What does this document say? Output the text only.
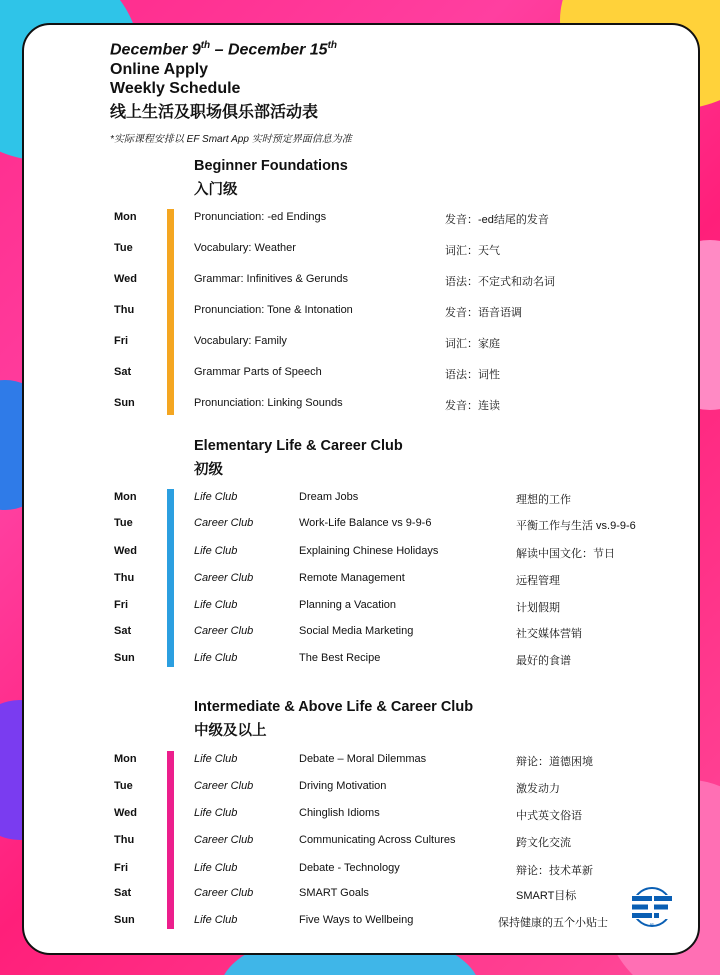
December 9th – December 15th
Online Apply
Weekly Schedule
线上生活及职场俱乐部活动表
*实际课程安排以 EF Smart App 实时预定界面信息为准
Beginner Foundations
入门级
Mon	Pronunciation: -ed Endings	发音：-ed结尾的发音
Tue	Vocabulary: Weather	词汇：天气
Wed	Grammar: Infinitives & Gerunds	语法：不定式和动名词
Thu	Pronunciation: Tone & Intonation	发音：语音语调
Fri	Vocabulary: Family	词汇：家庭
Sat	Grammar Parts of Speech	语法：词性
Sun	Pronunciation: Linking Sounds	发音：连读
Elementary Life & Career Club
初级
Mon	Life Club	Dream Jobs	理想的工作
Tue	Career Club	Work-Life Balance vs 9-9-6	平衡工作与生活 vs.9-9-6
Wed	Life Club	Explaining Chinese Holidays	解读中国文化：节日
Thu	Career Club	Remote Management	远程管理
Fri	Life Club	Planning a Vacation	计划假期
Sat	Career Club	Social Media Marketing	社交媒体营销
Sun	Life Club	The Best Recipe	最好的食谱
Intermediate & Above Life & Career Club
中级及以上
Mon	Life Club	Debate – Moral Dilemmas	辩论：道德困境
Tue	Career Club	Driving Motivation	激发动力
Wed	Life Club	Chinglish Idioms	中式英文俗语
Thu	Career Club	Communicating Across Cultures	跨文化交流
Fri	Life Club	Debate - Technology	辩论：技术革新
Sat	Career Club	SMART Goals	SMART目标
Sun	Life Club	Five Ways to Wellbeing	保持健康的五个小贴士	EF
